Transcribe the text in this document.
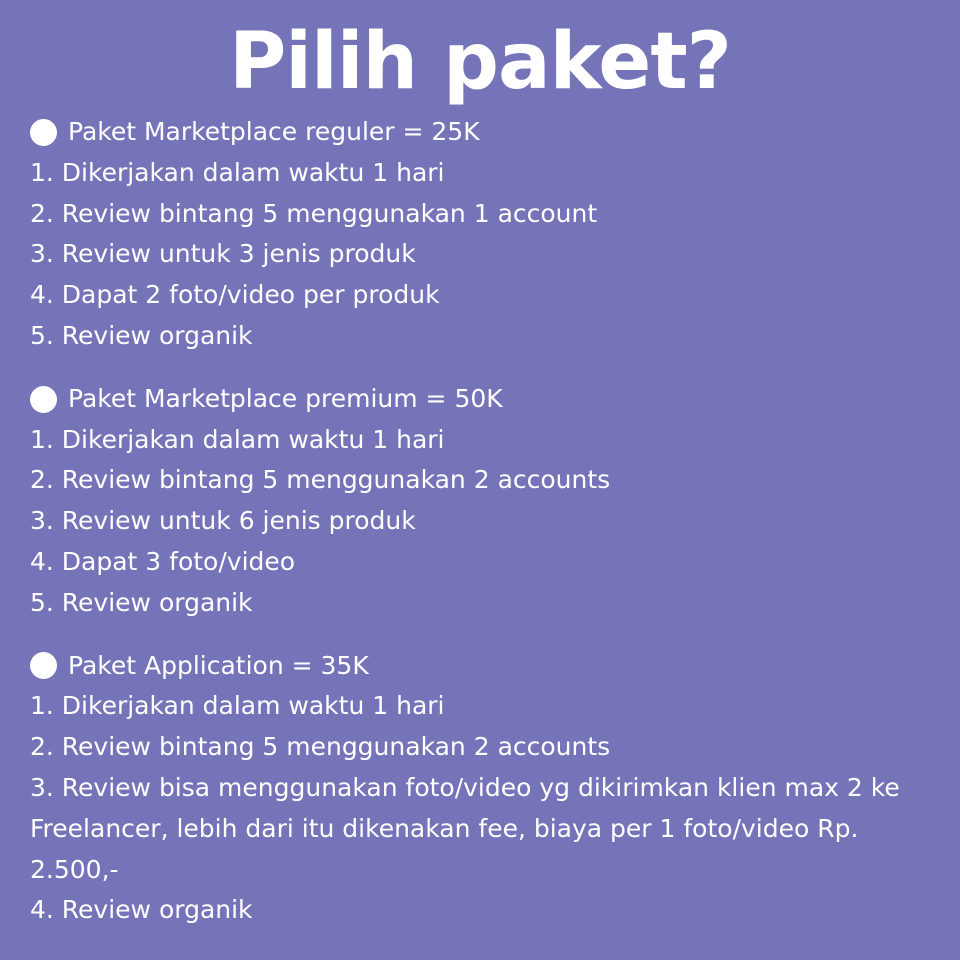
Pilih paket?
Paket Marketplace reguler = 25K
1. Dikerjakan dalam waktu 1 hari
2. Review bintang 5 menggunakan 1 account
3. Review untuk 3 jenis produk
4. Dapat 2 foto/video per produk
5. Review organik
Paket Marketplace premium = 50K
1. Dikerjakan dalam waktu 1 hari
2. Review bintang 5 menggunakan 2 accounts
3. Review untuk 6 jenis produk
4. Dapat 3 foto/video
5. Review organik
Paket Application = 35K
1. Dikerjakan dalam waktu 1 hari
2. Review bintang 5 menggunakan 2 accounts
3. Review bisa menggunakan foto/video yg dikirimkan klien max 2 ke Freelancer, lebih dari itu dikenakan fee, biaya per 1 foto/video Rp. 2.500,-
4. Review organik
